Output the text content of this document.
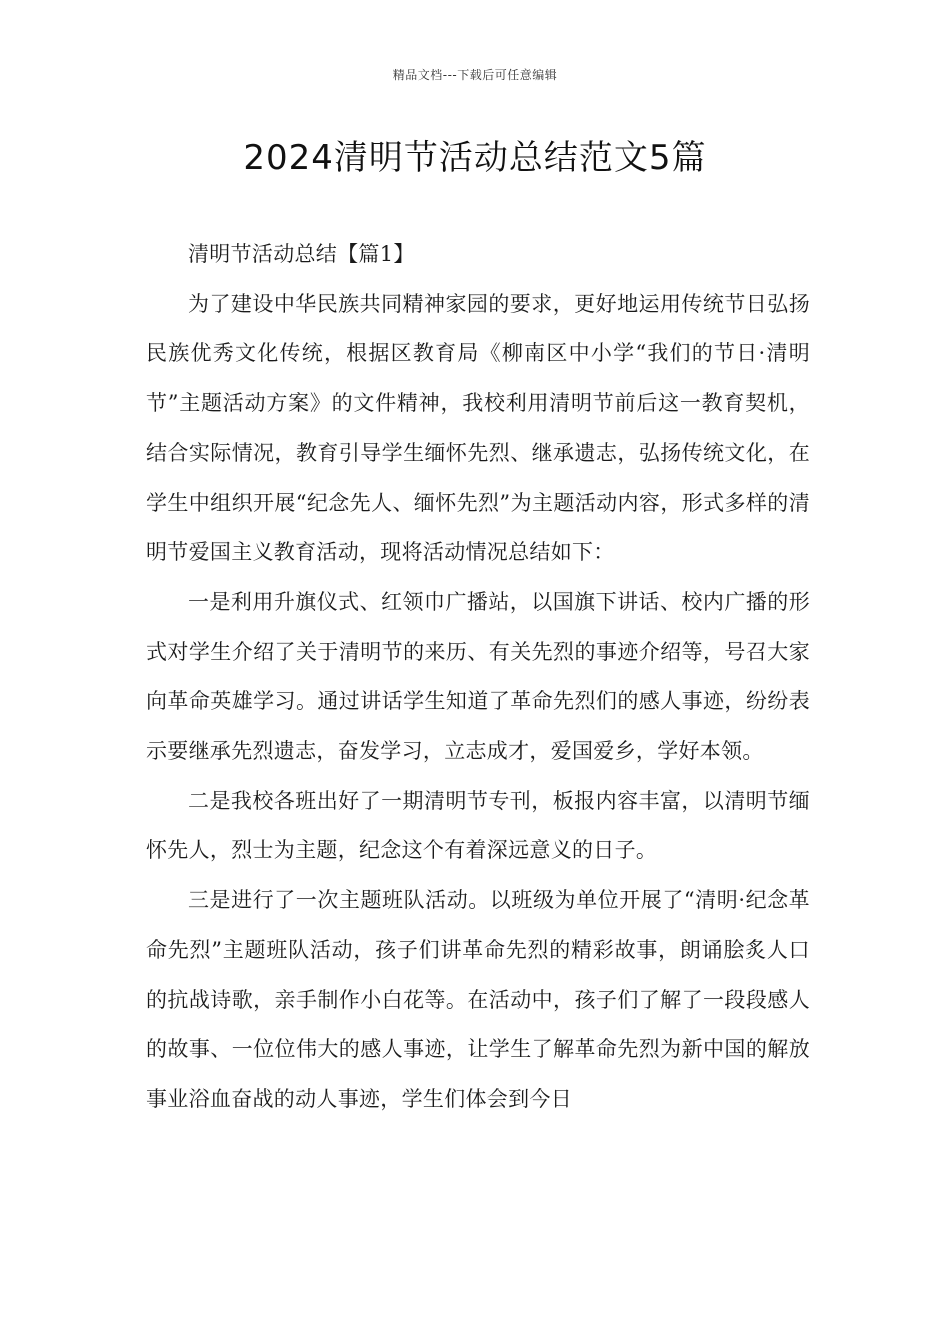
精品文档---下载后可任意编辑
2024清明节活动总结范文5篇

清明节活动总结【篇1】

为了建设中华民族共同精神家园的要求，更好地运用传统节日弘扬民族优秀文化传统，根据区教育局《柳南区中小学“我们的节日·清明节”主题活动方案》的文件精神，我校利用清明节前后这一教育契机，结合实际情况，教育引导学生缅怀先烈、继承遗志，弘扬传统文化，在学生中组织开展“纪念先人、缅怀先烈”为主题活动内容，形式多样的清明节爱国主义教育活动，现将活动情况总结如下：

一是利用升旗仪式、红领巾广播站，以国旗下讲话、校内广播的形式对学生介绍了关于清明节的来历、有关先烈的事迹介绍等，号召大家向革命英雄学习。通过讲话学生知道了革命先烈们的感人事迹，纷纷表示要继承先烈遗志，奋发学习，立志成才，爱国爱乡，学好本领。

二是我校各班出好了一期清明节专刊，板报内容丰富，以清明节缅怀先人，烈士为主题，纪念这个有着深远意义的日子。

三是进行了一次主题班队活动。以班级为单位开展了“清明·纪念革命先烈”主题班队活动，孩子们讲革命先烈的精彩故事，朗诵脍炙人口的抗战诗歌，亲手制作小白花等。在活动中，孩子们了解了一段段感人的故事、一位位伟大的感人事迹，让学生了解革命先烈为新中国的解放事业浴血奋战的动人事迹，学生们体会到今日
